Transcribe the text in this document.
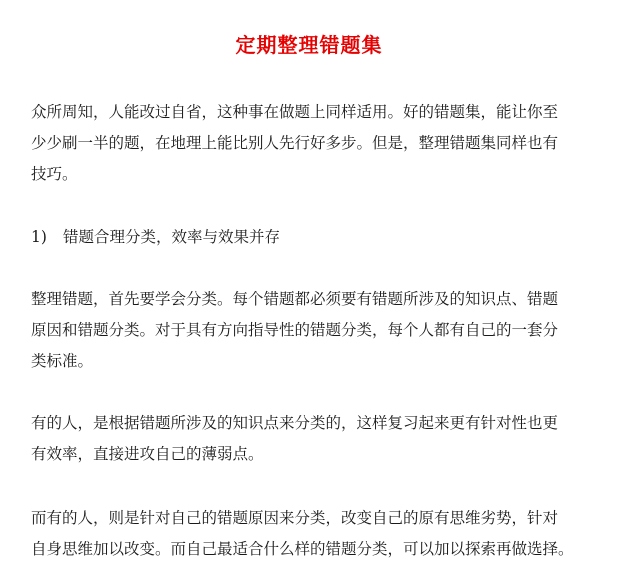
定期整理错题集

众所周知，人能改过自省，这种事在做题上同样适用。好的错题集，能让你至
少少刷一半的题，在地理上能比别人先行好多步。但是，整理错题集同样也有
技巧。

1) 错题合理分类，效率与效果并存

整理错题，首先要学会分类。每个错题都必须要有错题所涉及的知识点、错题
原因和错题分类。对于具有方向指导性的错题分类，每个人都有自己的一套分
类标准。

有的人，是根据错题所涉及的知识点来分类的，这样复习起来更有针对性也更
有效率，直接进攻自己的薄弱点。

而有的人，则是针对自己的错题原因来分类，改变自己的原有思维劣势，针对
自身思维加以改变。而自己最适合什么样的错题分类，可以加以探索再做选择。
